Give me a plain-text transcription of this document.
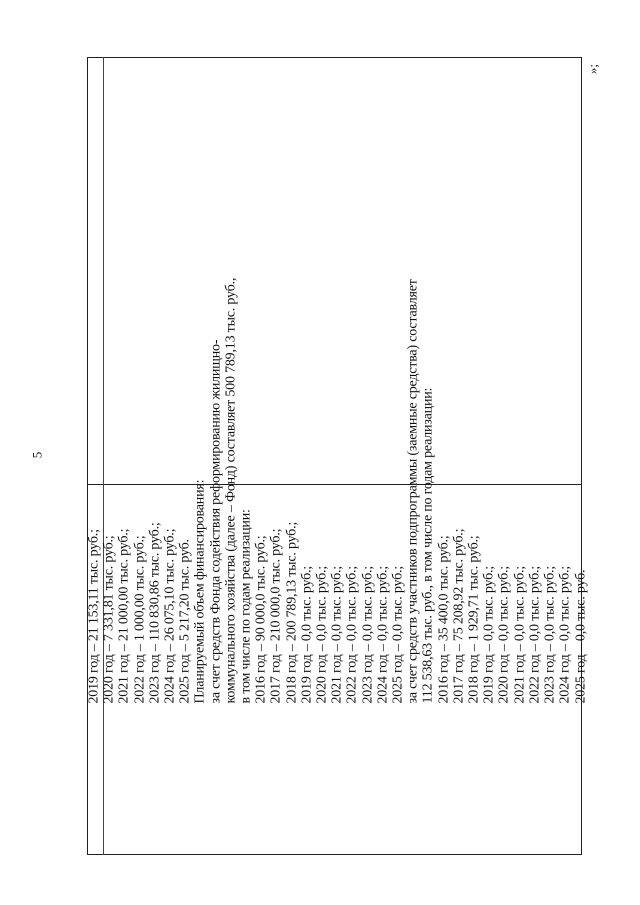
5
»;
2019 год – 21 153,11 тыс. руб.; 2020 год – 7 331,81 тыс. руб.; 2021 год – 21 000,00 тыс. руб.; 2022 год – 1 000,00 тыс. руб.; 2023 год – 110 830,86 тыс. руб.; 2024 год – 26 075,10 тыс. руб.; 2025 год – 5 217,20 тыс. руб. Планируемый объем финансирования: за счет средств Фонда содействия реформированию жилищно- коммунального хозяйства (далее – Фонд) составляет 500 789,13 тыс. руб., в том числе по годам реализации: 2016 год – 90 000,0 тыс. руб.; 2017 год – 210 000,0 тыс. руб.; 2018 год – 200 789,13 тыс. руб.; 2019 год – 0,0 тыс. руб.; 2020 год – 0,0 тыс. руб.; 2021 год – 0,0 тыс. руб.; 2022 год – 0,0 тыс. руб.; 2023 год – 0,0 тыс. руб.; 2024 год – 0,0 тыс. руб.; 2025 год – 0,0 тыс. руб.; за счет средств участников подпрограммы (заемные средства) составляет 112 538,63 тыс. руб., в том числе по годам реализации: 2016 год – 35 400,0 тыс. руб.; 2017 год – 75 208,92 тыс. руб.; 2018 год – 1 929,71 тыс. руб.; 2019 год – 0,0 тыс. руб.; 2020 год – 0,0 тыс. руб.; 2021 год – 0,0 тыс. руб.; 2022 год – 0,0 тыс. руб.; 2023 год – 0,0 тыс. руб.; 2024 год – 0,0 тыс. руб.; 2025 год – 0,0 тыс. руб.
